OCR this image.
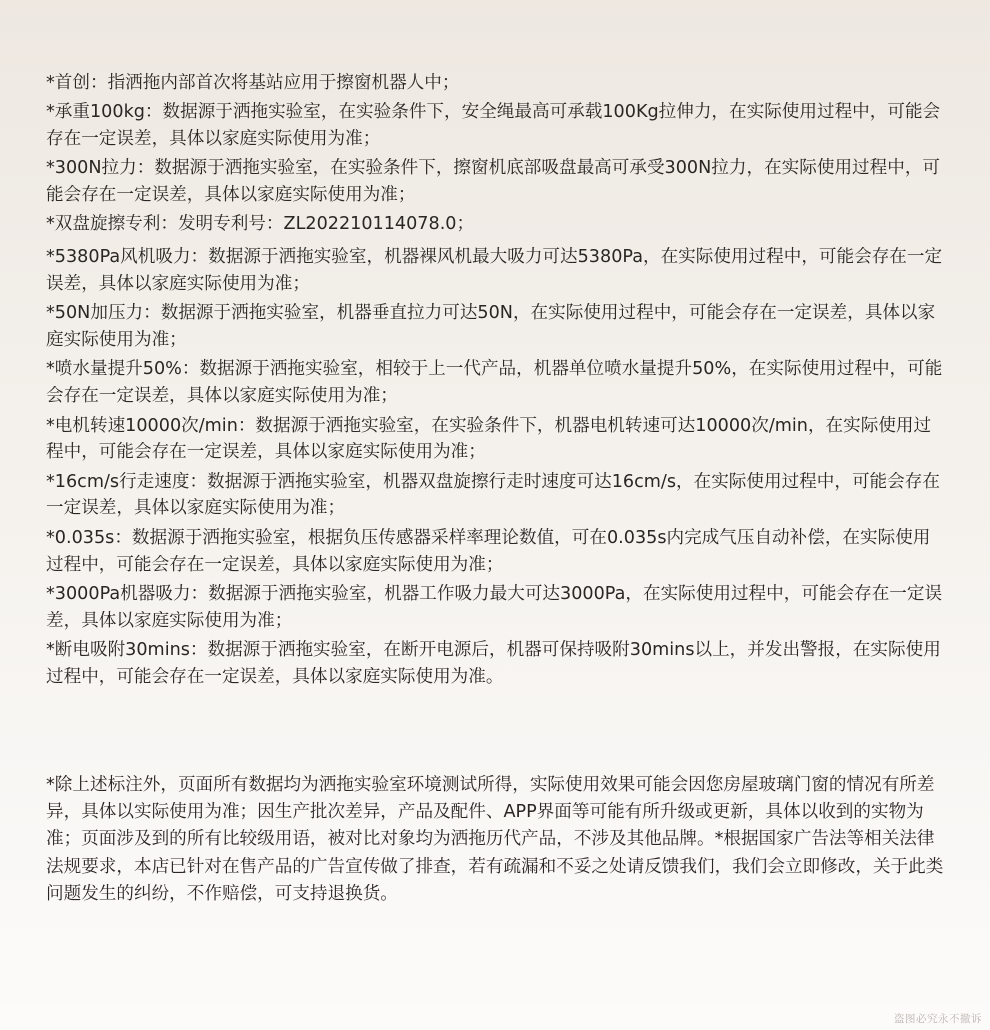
*首创：指洒拖内部首次将基站应用于擦窗机器人中；
*承重100kg：数据源于洒拖实验室，在实验条件下，安全绳最高可承载100Kg拉伸力，在实际使用过程中，可能会存在一定误差，具体以家庭实际使用为准；
*300N拉力：数据源于洒拖实验室，在实验条件下，擦窗机底部吸盘最高可承受300N拉力，在实际使用过程中，可能会存在一定误差，具体以家庭实际使用为准；
*双盘旋擦专利：发明专利号：ZL202210114078.0；
*5380Pa风机吸力：数据源于洒拖实验室，机器裸风机最大吸力可达5380Pa，在实际使用过程中，可能会存在一定误差，具体以家庭实际使用为准；
*50N加压力：数据源于洒拖实验室，机器垂直拉力可达50N，在实际使用过程中，可能会存在一定误差，具体以家庭实际使用为准；
*喷水量提升50%：数据源于洒拖实验室，相较于上一代产品，机器单位喷水量提升50%，在实际使用过程中，可能会存在一定误差，具体以家庭实际使用为准；
*电机转速10000次/min：数据源于洒拖实验室，在实验条件下，机器电机转速可达10000次/min，在实际使用过程中，可能会存在一定误差，具体以家庭实际使用为准；
*16cm/s行走速度：数据源于洒拖实验室，机器双盘旋擦行走时速度可达16cm/s，在实际使用过程中，可能会存在一定误差，具体以家庭实际使用为准；
*0.035s：数据源于洒拖实验室，根据负压传感器采样率理论数值，可在0.035s内完成气压自动补偿，在实际使用过程中，可能会存在一定误差，具体以家庭实际使用为准；
*3000Pa机器吸力：数据源于洒拖实验室，机器工作吸力最大可达3000Pa，在实际使用过程中，可能会存在一定误差，具体以家庭实际使用为准；
*断电吸附30mins：数据源于洒拖实验室，在断开电源后，机器可保持吸附30mins以上，并发出警报，在实际使用过程中，可能会存在一定误差，具体以家庭实际使用为准。

*除上述标注外，页面所有数据均为洒拖实验室环境测试所得，实际使用效果可能会因您房屋玻璃门窗的情况有所差异，具体以实际使用为准；因生产批次差异，产品及配件、APP界面等可能有所升级或更新，具体以收到的实物为准；页面涉及到的所有比较级用语，被对比对象均为洒拖历代产品，不涉及其他品牌。*根据国家广告法等相关法律法规要求，本店已针对在售产品的广告宣传做了排查，若有疏漏和不妥之处请反馈我们，我们会立即修改，关于此类问题发生的纠纷，不作赔偿，可支持退换货。

盗图必究永不撤诉
